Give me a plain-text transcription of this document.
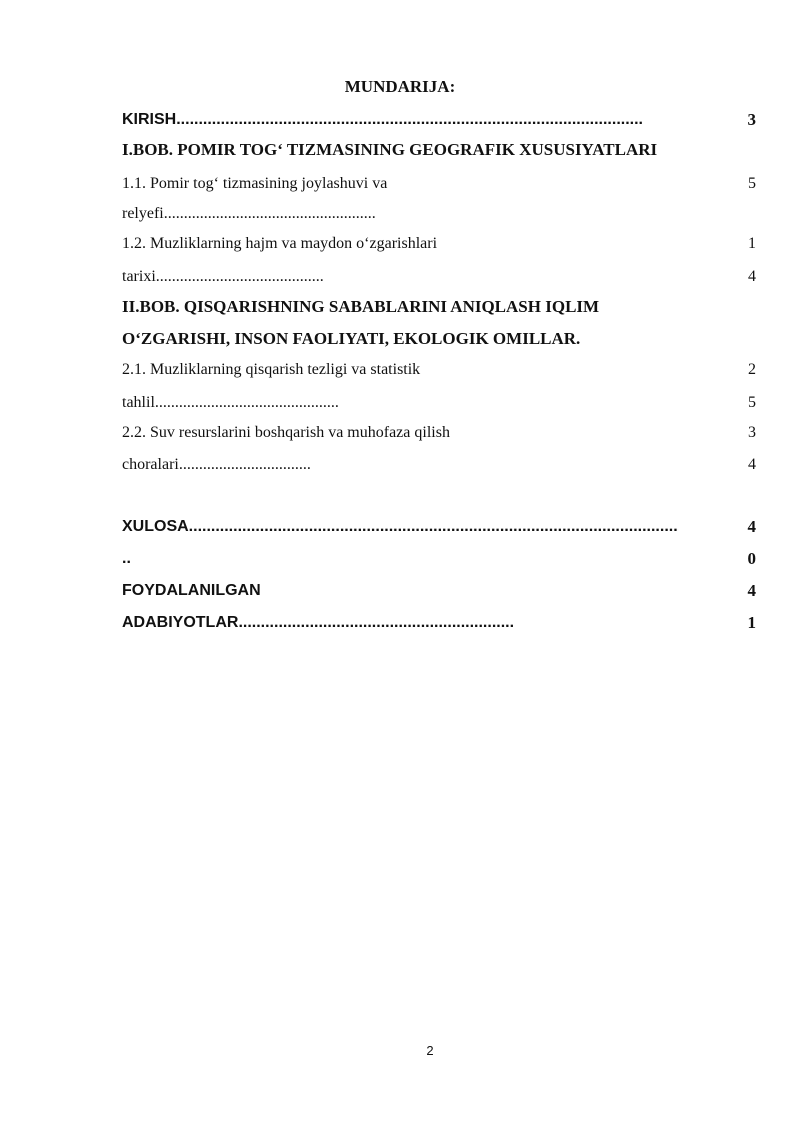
MUNDARIJA:
KIRISH.........................................................................................................	3
I.BOB. POMIR TOG‘ TIZMASINING GEOGRAFIK XUSUSIYATLARI
1.1. Pomir tog‘ tizmasining joylashuvi va	5
relyefi.....................................................
1.2. Muzliklarning hajm va maydon o‘zgarishlari	1
tarixi..........................................	4
II.BOB. QISQARISHNING SABABLARINI ANIQLASH IQLIM
O‘ZGARISHI, INSON FAOLIYATI, EKOLOGIK OMILLAR.
2.1. Muzliklarning qisqarish tezligi va statistik	2
tahlil..............................................	5
2.2. Suv resurslarini boshqarish va muhofaza qilish	3
choralari.................................	4
XULOSA..............................................................................................................	4
..	0
FOYDALANILGAN	4
ADABIYOTLAR..............................................................	1
2
